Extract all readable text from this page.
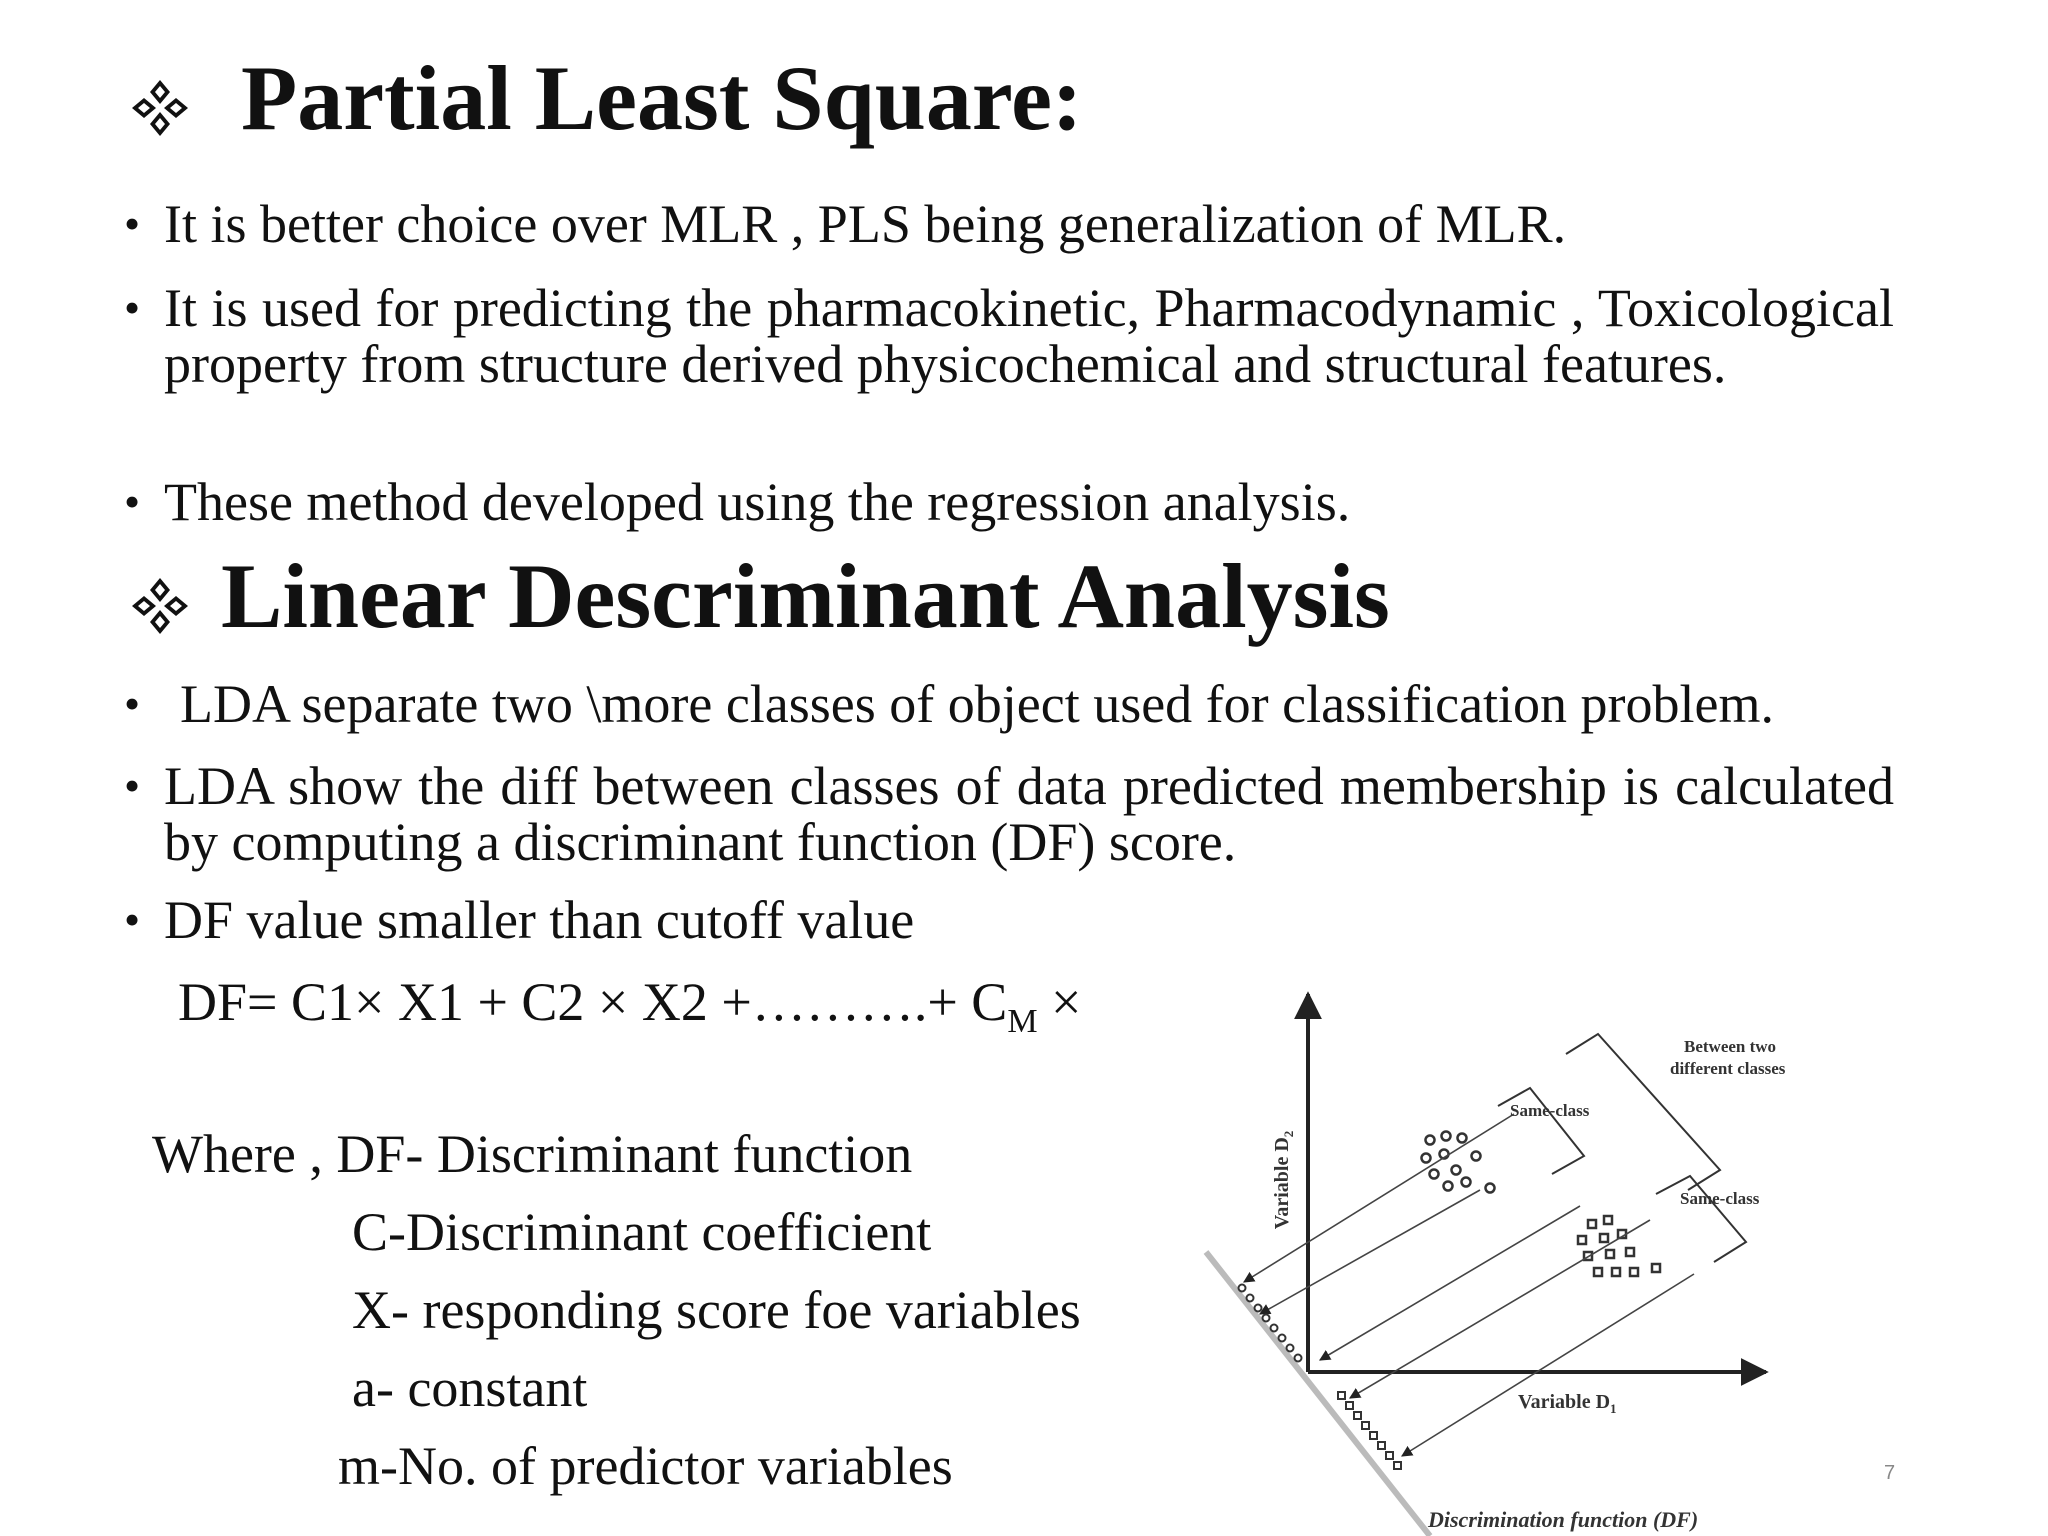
Partial Least Square:
• It is better choice over MLR , PLS being generalization of MLR.
• It is used for predicting the pharmacokinetic, Pharmacodynamic , Toxicological property from structure derived physicochemical and structural features.
• These method developed using the regression analysis.
Linear Descriminant Analysis
• LDA separate two \more classes of object used for classification problem.
• LDA show the diff between classes of data predicted membership is calculated by computing a discriminant function (DF) score.
• DF value smaller than cutoff value
DF= C1× X1 + C2 × X2 +……….+ $C_M$ ×
Where , DF- Discriminant function
C-Discriminant coefficient
X- responding score foe variables
a- constant
m-No. of predictor variables	7
Variable $D_2$
Variable $D_1$
Discrimination function (DF)
Same-class
Same-class
Between two
different classes
